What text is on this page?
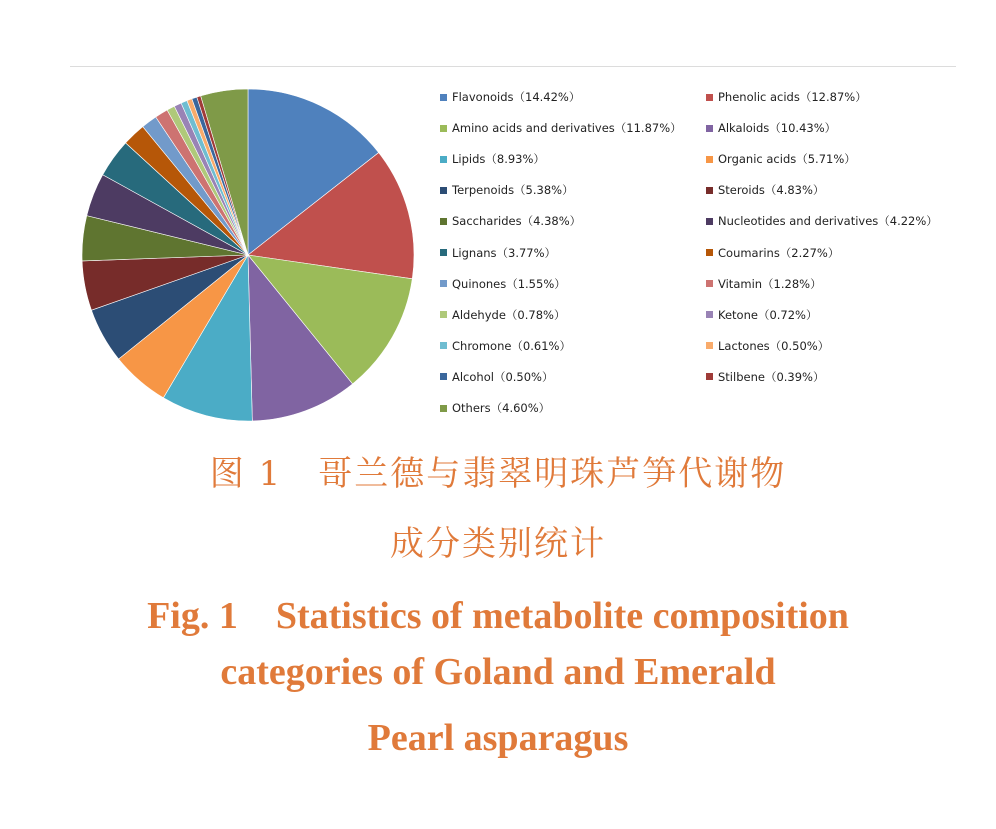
Flavonoids（14.42%）	Phenolic acids（12.87%）
Amino acids and derivatives（11.87%）	Alkaloids（10.43%）
Lipids（8.93%）	Organic acids（5.71%）
Terpenoids（5.38%）	Steroids（4.83%）
Saccharides（4.38%）	Nucleotides and derivatives（4.22%）
Lignans（3.77%）	Coumarins（2.27%）
Quinones（1.55%）	Vitamin（1.28%）
Aldehyde（0.78%）	Ketone（0.72%）
Chromone（0.61%）	Lactones（0.50%）
Alcohol（0.50%）	Stilbene（0.39%）
Others（4.60%）
图 1　哥兰德与翡翠明珠芦笋代谢物
成分类别统计
Fig. 1　Statistics of metabolite composition
categories of Goland and Emerald
Pearl asparagus
